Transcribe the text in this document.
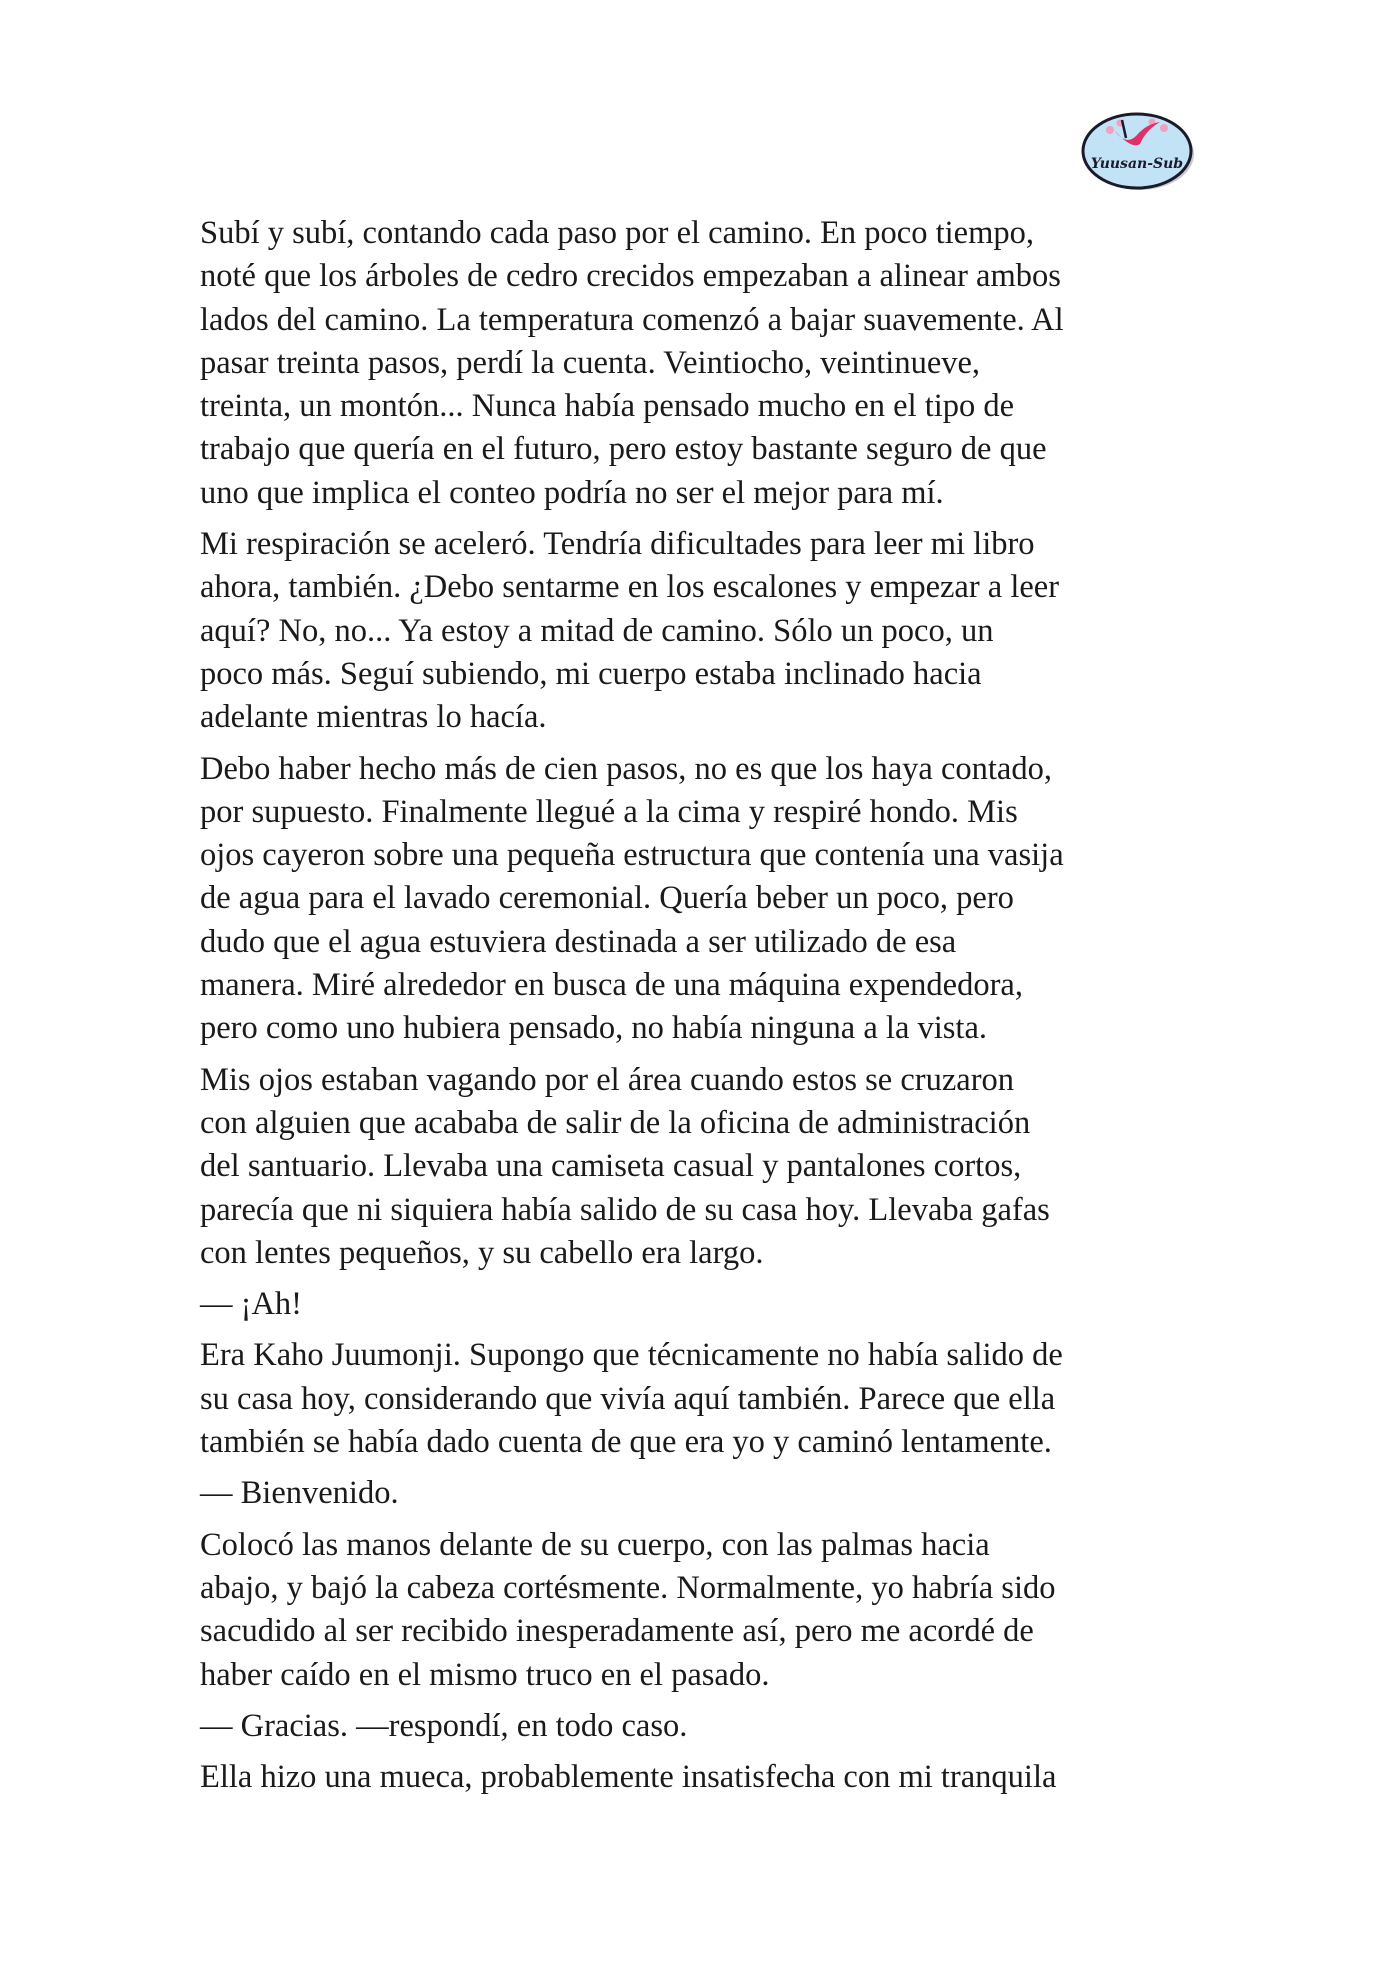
Yuusan-Sub

Subí y subí, contando cada paso por el camino. En poco tiempo,
noté que los árboles de cedro crecidos empezaban a alinear ambos
lados del camino. La temperatura comenzó a bajar suavemente. Al
pasar treinta pasos, perdí la cuenta. Veintiocho, veintinueve,
treinta, un montón... Nunca había pensado mucho en el tipo de
trabajo que quería en el futuro, pero estoy bastante seguro de que
uno que implica el conteo podría no ser el mejor para mí.

Mi respiración se aceleró. Tendría dificultades para leer mi libro
ahora, también. ¿Debo sentarme en los escalones y empezar a leer
aquí? No, no... Ya estoy a mitad de camino. Sólo un poco, un
poco más. Seguí subiendo, mi cuerpo estaba inclinado hacia
adelante mientras lo hacía.

Debo haber hecho más de cien pasos, no es que los haya contado,
por supuesto. Finalmente llegué a la cima y respiré hondo. Mis
ojos cayeron sobre una pequeña estructura que contenía una vasija
de agua para el lavado ceremonial. Quería beber un poco, pero
dudo que el agua estuviera destinada a ser utilizado de esa
manera. Miré alrededor en busca de una máquina expendedora,
pero como uno hubiera pensado, no había ninguna a la vista.

Mis ojos estaban vagando por el área cuando estos se cruzaron
con alguien que acababa de salir de la oficina de administración
del santuario. Llevaba una camiseta casual y pantalones cortos,
parecía que ni siquiera había salido de su casa hoy. Llevaba gafas
con lentes pequeños, y su cabello era largo.

— ¡Ah!

Era Kaho Juumonji. Supongo que técnicamente no había salido de
su casa hoy, considerando que vivía aquí también. Parece que ella
también se había dado cuenta de que era yo y caminó lentamente.

— Bienvenido.

Colocó las manos delante de su cuerpo, con las palmas hacia
abajo, y bajó la cabeza cortésmente. Normalmente, yo habría sido
sacudido al ser recibido inesperadamente así, pero me acordé de
haber caído en el mismo truco en el pasado.

— Gracias. —respondí, en todo caso.

Ella hizo una mueca, probablemente insatisfecha con mi tranquila
